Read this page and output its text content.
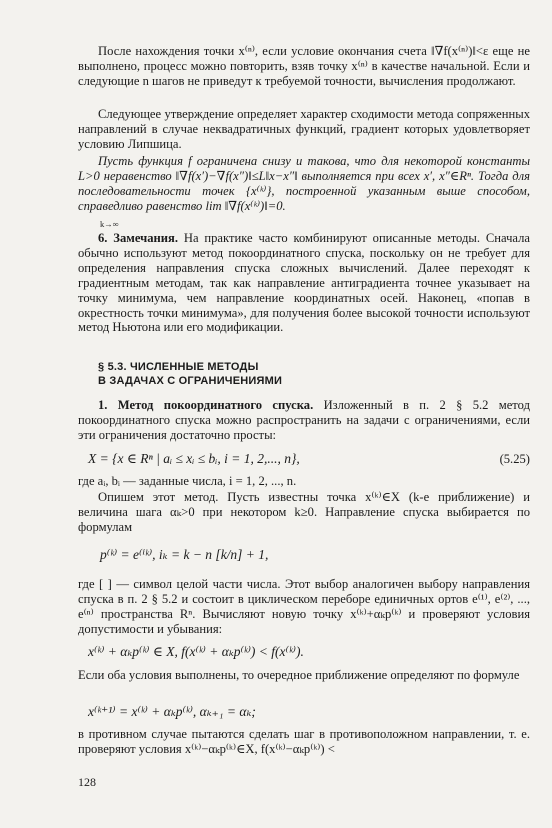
После нахождения точки x⁽ⁿ⁾, если условие окончания счета ‖∇f(x⁽ⁿ⁾)‖<ε еще не выполнено, процесс можно повторить, взяв точку x⁽ⁿ⁾ в качестве начальной. Если и следующие n шагов не приведут к требуемой точности, вычисления продолжают.

Следующее утверждение определяет характер сходимости метода сопряженных направлений в случае неквадратичных функций, градиент которых удовлетворяет условию Липшица.

Пусть функция f ограничена снизу и такова, что для некоторой константы L>0 неравенство ‖∇f(x′)−∇f(x″)‖≤L‖x−x″‖ выполняется при всех x′, x″∈Rⁿ. Тогда для последовательности точек {x⁽ᵏ⁾}, построенной указанным выше способом, справедливо равенство lim ‖∇f(x⁽ᵏ⁾)‖=0.

k→∞

6. Замечания. На практике часто комбинируют описанные методы. Сначала обычно используют метод покоординатного спуска, поскольку он не требует для определения направления спуска сложных вычислений. Далее переходят к градиентным методам, так как направление антиградиента точнее указывает на точку минимума, чем направление координатных осей. Наконец, «попав в окрестность точки минимума», для получения более высокой точности используют метод Ньютона или его модификации.

§ 5.3. ЧИСЛЕННЫЕ МЕТОДЫ
В ЗАДАЧАХ С ОГРАНИЧЕНИЯМИ

1. Метод покоординатного спуска. Изложенный в п. 2 § 5.2 метод покоординатного спуска можно распространить на задачи с ограничениями, если эти ограничения достаточно просты:

X = {x ∈ Rⁿ | aᵢ ≤ xᵢ ≤ bᵢ, i = 1, 2,..., n},	(5.25)

где aᵢ, bᵢ — заданные числа, i = 1, 2, ..., n.

Опишем этот метод. Пусть известны точка x⁽ᵏ⁾∈X (k-е приближение) и величина шага αₖ>0 при некотором k≥0. Направление спуска выбирается по формулам

p⁽ᵏ⁾ = e⁽ⁱᵏ⁾, iₖ = k − n [k/n] + 1,

где [ ] — символ целой части числа. Этот выбор аналогичен выбору направления спуска в п. 2 § 5.2 и состоит в циклическом переборе единичных ортов e⁽¹⁾, e⁽²⁾, ..., e⁽ⁿ⁾ пространства Rⁿ. Вычисляют новую точку x⁽ᵏ⁾+αₖp⁽ᵏ⁾ и проверяют условия допустимости и убывания:

x⁽ᵏ⁾ + αₖp⁽ᵏ⁾ ∈ X, f(x⁽ᵏ⁾ + αₖp⁽ᵏ⁾) < f(x⁽ᵏ⁾).

Если оба условия выполнены, то очередное приближение определяют по формуле

x⁽ᵏ⁺¹⁾ = x⁽ᵏ⁾ + αₖp⁽ᵏ⁾, αₖ₊₁ = αₖ;

в противном случае пытаются сделать шаг в противоположном направлении, т. е. проверяют условия x⁽ᵏ⁾−αₖp⁽ᵏ⁾∈X, f(x⁽ᵏ⁾−αₖp⁽ᵏ⁾) <

128
